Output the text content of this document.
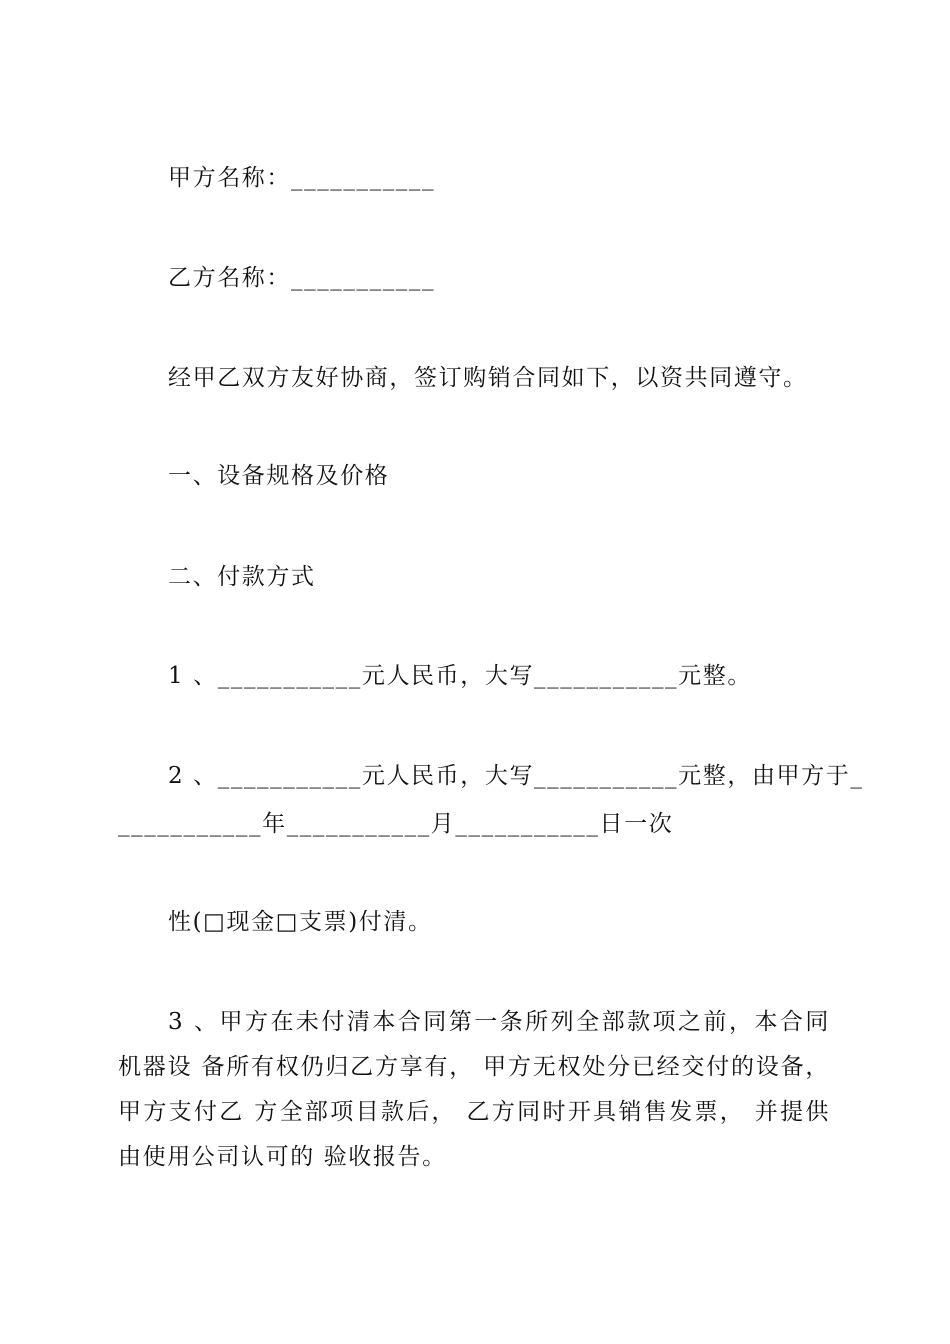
甲方名称：___________
乙方名称：___________
经甲乙双方友好协商，签订购销合同如下，以资共同遵守。
一、设备规格及价格
二、付款方式
1 、___________元人民币，大写___________元整。
2 、___________元人民币，大写___________元整，由甲方于_
___________年___________月___________日一次
性(□现金□支票)付清。
3 、甲方在未付清本合同第一条所列全部款项之前，本合同机器设 备所有权仍归乙方享有， 甲方无权处分已经交付的设备， 甲方支付乙 方全部项目款后， 乙方同时开具销售发票， 并提供由使用公司认可的 验收报告。
